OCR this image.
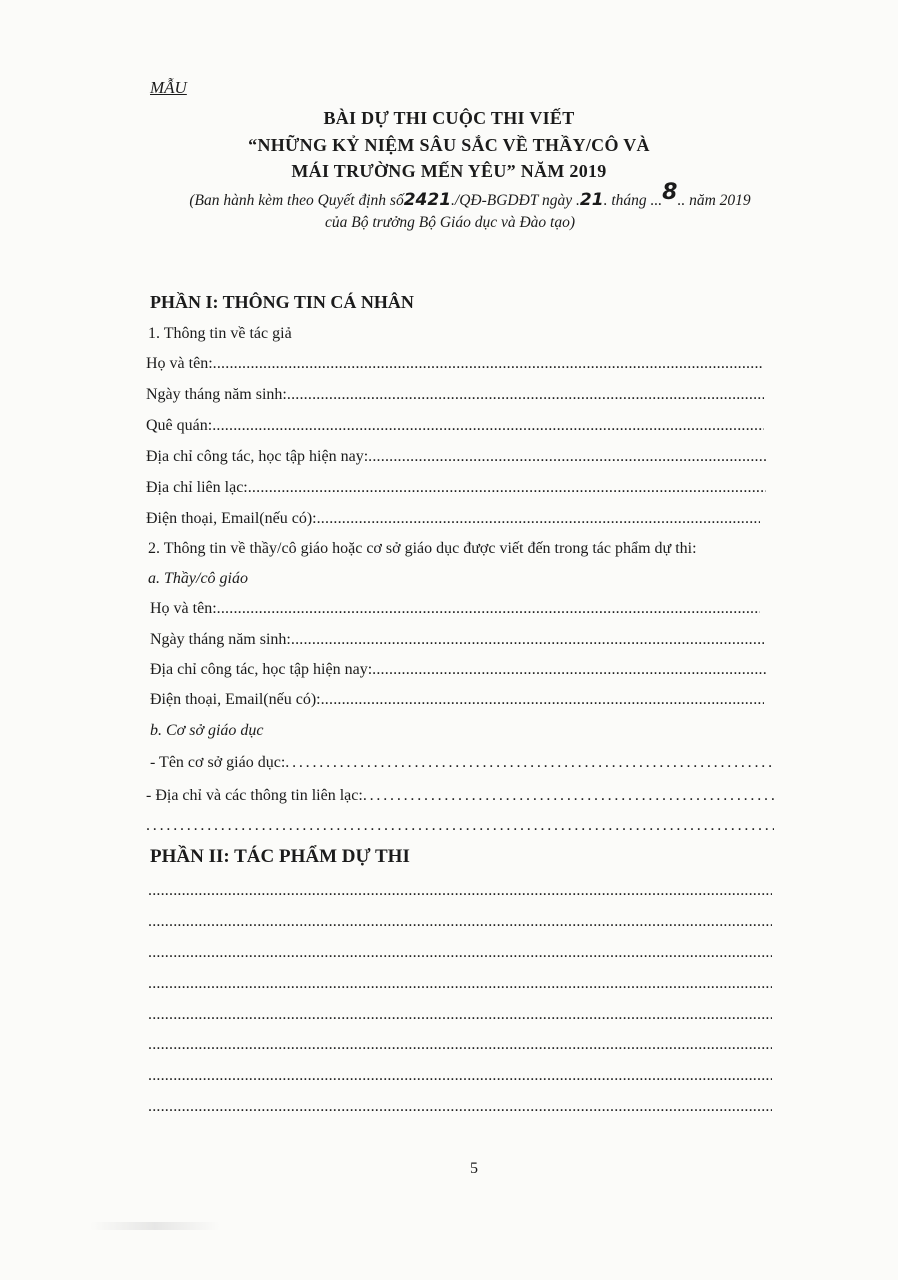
MẪU
BÀI DỰ THI CUỘC THI VIẾT
“NHỮNG KỶ NIỆM SÂU SẮC VỀ THẦY/CÔ VÀ
MÁI TRƯỜNG MẾN YÊU” NĂM 2019
(Ban hành kèm theo Quyết định số2421./QĐ-BGDĐT ngày .21. tháng ...8.. năm 2019
của Bộ trưởng Bộ Giáo dục và Đào tạo)
PHẦN I: THÔNG TIN CÁ NHÂN
1. Thông tin về tác giả
Họ và tên:
.....
Ngày tháng năm sinh:
.....
Quê quán:
.....
Địa chỉ công tác, học tập hiện nay:
.....
Địa chỉ liên lạc:
.....
Điện thoại, Email(nếu có):
.....
2. Thông tin về thầy/cô giáo hoặc cơ sở giáo dục được viết đến trong tác phẩm dự thi:
a. Thầy/cô giáo
Họ và tên:
.....
Ngày tháng năm sinh:
.....
Địa chỉ công tác, học tập hiện nay:
.....
Điện thoại, Email(nếu có):
.....
b. Cơ sở giáo dục
- Tên cơ sở giáo dục:
. . .
- Địa chỉ và các thông tin liên lạc:
. . .
. . .
PHẦN II: TÁC PHẨM DỰ THI
.....
.....
.....
.....
.....
.....
.....
.....
5
